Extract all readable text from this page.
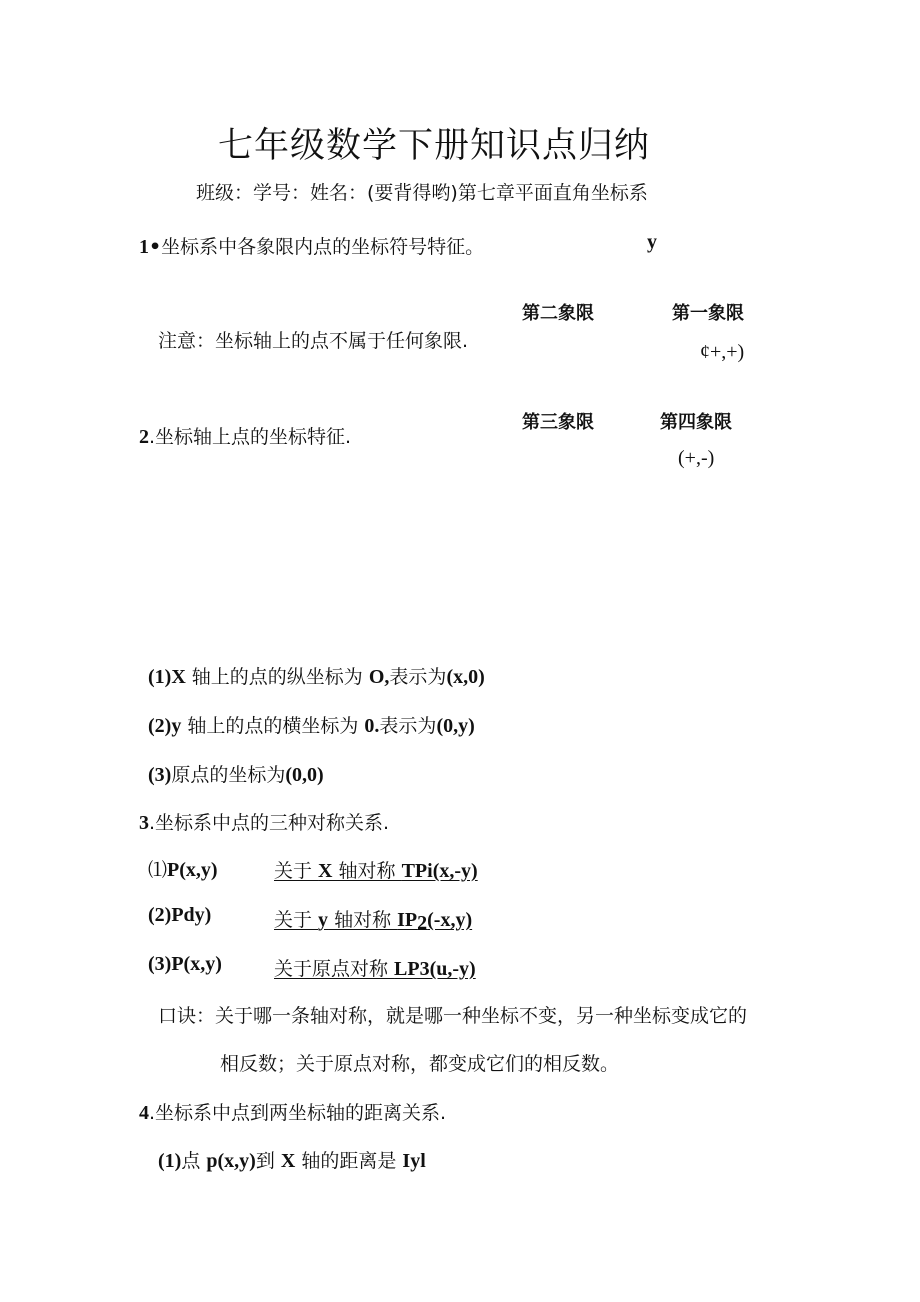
七年级数学下册知识点归纳
班级：学号：姓名：(要背得哟)第七章平面直角坐标系
1•坐标系中各象限内点的坐标符号特征。
注意：坐标轴上的点不属于任何象限.
y
第二象限	第一象限
¢+,+)
第三象限	第四象限
(+,-)
2.坐标轴上点的坐标特征.
(1)X 轴上的点的纵坐标为 O,表示为(x,0)
(2)y 轴上的点的横坐标为 0.表示为(0,y)
(3)原点的坐标为(0,0)
3.坐标系中点的三种对称关系.
⑴P(x,y)	关于 X 轴对称 TPi(x,-y)
(2)Pdy)	关于 y 轴对称 $IP_2(-x,y)$
(3)P(x,y)	关于原点对称 LP3(u,-y)
口诀：关于哪一条轴对称，就是哪一种坐标不变，另一种坐标变成它的
相反数；关于原点对称，都变成它们的相反数。
4.坐标系中点到两坐标轴的距离关系.
(1)点 p(x,y)到 X 轴的距离是 Iyl
